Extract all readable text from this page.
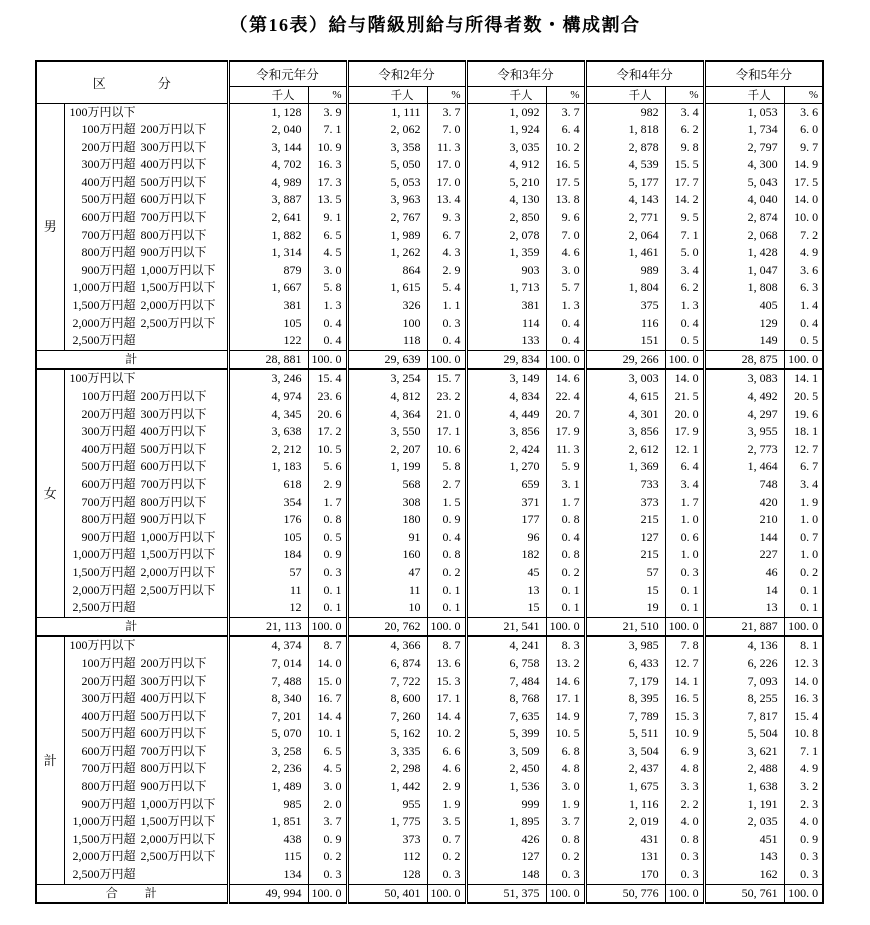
（第16表）給与階級別給与所得者数・構成割合
区　　　　分		令和元年分		令和2年分		令和3年分		令和4年分		令和5年分	
		千人	%	千人	%	千人	%	千人	%	千人	%
男	100万円以下	1, 128	3. 9	1, 111	3. 7	1, 092	3. 7	982	3. 4	1, 053	3. 6
	100万円超 200万円以下	2, 040	7. 1	2, 062	7. 0	1, 924	6. 4	1, 818	6. 2	1, 734	6. 0
	200万円超 300万円以下	3, 144	10. 9	3, 358	11. 3	3, 035	10. 2	2, 878	9. 8	2, 797	9. 7
	300万円超 400万円以下	4, 702	16. 3	5, 050	17. 0	4, 912	16. 5	4, 539	15. 5	4, 300	14. 9
	400万円超 500万円以下	4, 989	17. 3	5, 053	17. 0	5, 210	17. 5	5, 177	17. 7	5, 043	17. 5
	500万円超 600万円以下	3, 887	13. 5	3, 963	13. 4	4, 130	13. 8	4, 143	14. 2	4, 040	14. 0
	600万円超 700万円以下	2, 641	9. 1	2, 767	9. 3	2, 850	9. 6	2, 771	9. 5	2, 874	10. 0
	700万円超 800万円以下	1, 882	6. 5	1, 989	6. 7	2, 078	7. 0	2, 064	7. 1	2, 068	7. 2
	800万円超 900万円以下	1, 314	4. 5	1, 262	4. 3	1, 359	4. 6	1, 461	5. 0	1, 428	4. 9
	900万円超 1,000万円以下	879	3. 0	864	2. 9	903	3. 0	989	3. 4	1, 047	3. 6
	1,000万円超 1,500万円以下	1, 667	5. 8	1, 615	5. 4	1, 713	5. 7	1, 804	6. 2	1, 808	6. 3
	1,500万円超 2,000万円以下	381	1. 3	326	1. 1	381	1. 3	375	1. 3	405	1. 4
	2,000万円超 2,500万円以下	105	0. 4	100	0. 3	114	0. 4	116	0. 4	129	0. 4
	2,500万円超	122	0. 4	118	0. 4	133	0. 4	151	0. 5	149	0. 5
計		28, 881	100. 0	29, 639	100. 0	29, 834	100. 0	29, 266	100. 0	28, 875	100. 0
女	100万円以下	3, 246	15. 4	3, 254	15. 7	3, 149	14. 6	3, 003	14. 0	3, 083	14. 1
	100万円超 200万円以下	4, 974	23. 6	4, 812	23. 2	4, 834	22. 4	4, 615	21. 5	4, 492	20. 5
	200万円超 300万円以下	4, 345	20. 6	4, 364	21. 0	4, 449	20. 7	4, 301	20. 0	4, 297	19. 6
	300万円超 400万円以下	3, 638	17. 2	3, 550	17. 1	3, 856	17. 9	3, 856	17. 9	3, 955	18. 1
	400万円超 500万円以下	2, 212	10. 5	2, 207	10. 6	2, 424	11. 3	2, 612	12. 1	2, 773	12. 7
	500万円超 600万円以下	1, 183	5. 6	1, 199	5. 8	1, 270	5. 9	1, 369	6. 4	1, 464	6. 7
	600万円超 700万円以下	618	2. 9	568	2. 7	659	3. 1	733	3. 4	748	3. 4
	700万円超 800万円以下	354	1. 7	308	1. 5	371	1. 7	373	1. 7	420	1. 9
	800万円超 900万円以下	176	0. 8	180	0. 9	177	0. 8	215	1. 0	210	1. 0
	900万円超 1,000万円以下	105	0. 5	91	0. 4	96	0. 4	127	0. 6	144	0. 7
	1,000万円超 1,500万円以下	184	0. 9	160	0. 8	182	0. 8	215	1. 0	227	1. 0
	1,500万円超 2,000万円以下	57	0. 3	47	0. 2	45	0. 2	57	0. 3	46	0. 2
	2,000万円超 2,500万円以下	11	0. 1	11	0. 1	13	0. 1	15	0. 1	14	0. 1
	2,500万円超	12	0. 1	10	0. 1	15	0. 1	19	0. 1	13	0. 1
計		21, 113	100. 0	20, 762	100. 0	21, 541	100. 0	21, 510	100. 0	21, 887	100. 0
計	100万円以下	4, 374	8. 7	4, 366	8. 7	4, 241	8. 3	3, 985	7. 8	4, 136	8. 1
	100万円超 200万円以下	7, 014	14. 0	6, 874	13. 6	6, 758	13. 2	6, 433	12. 7	6, 226	12. 3
	200万円超 300万円以下	7, 488	15. 0	7, 722	15. 3	7, 484	14. 6	7, 179	14. 1	7, 093	14. 0
	300万円超 400万円以下	8, 340	16. 7	8, 600	17. 1	8, 768	17. 1	8, 395	16. 5	8, 255	16. 3
	400万円超 500万円以下	7, 201	14. 4	7, 260	14. 4	7, 635	14. 9	7, 789	15. 3	7, 817	15. 4
	500万円超 600万円以下	5, 070	10. 1	5, 162	10. 2	5, 399	10. 5	5, 511	10. 9	5, 504	10. 8
	600万円超 700万円以下	3, 258	6. 5	3, 335	6. 6	3, 509	6. 8	3, 504	6. 9	3, 621	7. 1
	700万円超 800万円以下	2, 236	4. 5	2, 298	4. 6	2, 450	4. 8	2, 437	4. 8	2, 488	4. 9
	800万円超 900万円以下	1, 489	3. 0	1, 442	2. 9	1, 536	3. 0	1, 675	3. 3	1, 638	3. 2
	900万円超 1,000万円以下	985	2. 0	955	1. 9	999	1. 9	1, 116	2. 2	1, 191	2. 3
	1,000万円超 1,500万円以下	1, 851	3. 7	1, 775	3. 5	1, 895	3. 7	2, 019	4. 0	2, 035	4. 0
	1,500万円超 2,000万円以下	438	0. 9	373	0. 7	426	0. 8	431	0. 8	451	0. 9
	2,000万円超 2,500万円以下	115	0. 2	112	0. 2	127	0. 2	131	0. 3	143	0. 3
	2,500万円超	134	0. 3	128	0. 3	148	0. 3	170	0. 3	162	0. 3
合　　計		49, 994	100. 0	50, 401	100. 0	51, 375	100. 0	50, 776	100. 0	50, 761	100. 0
